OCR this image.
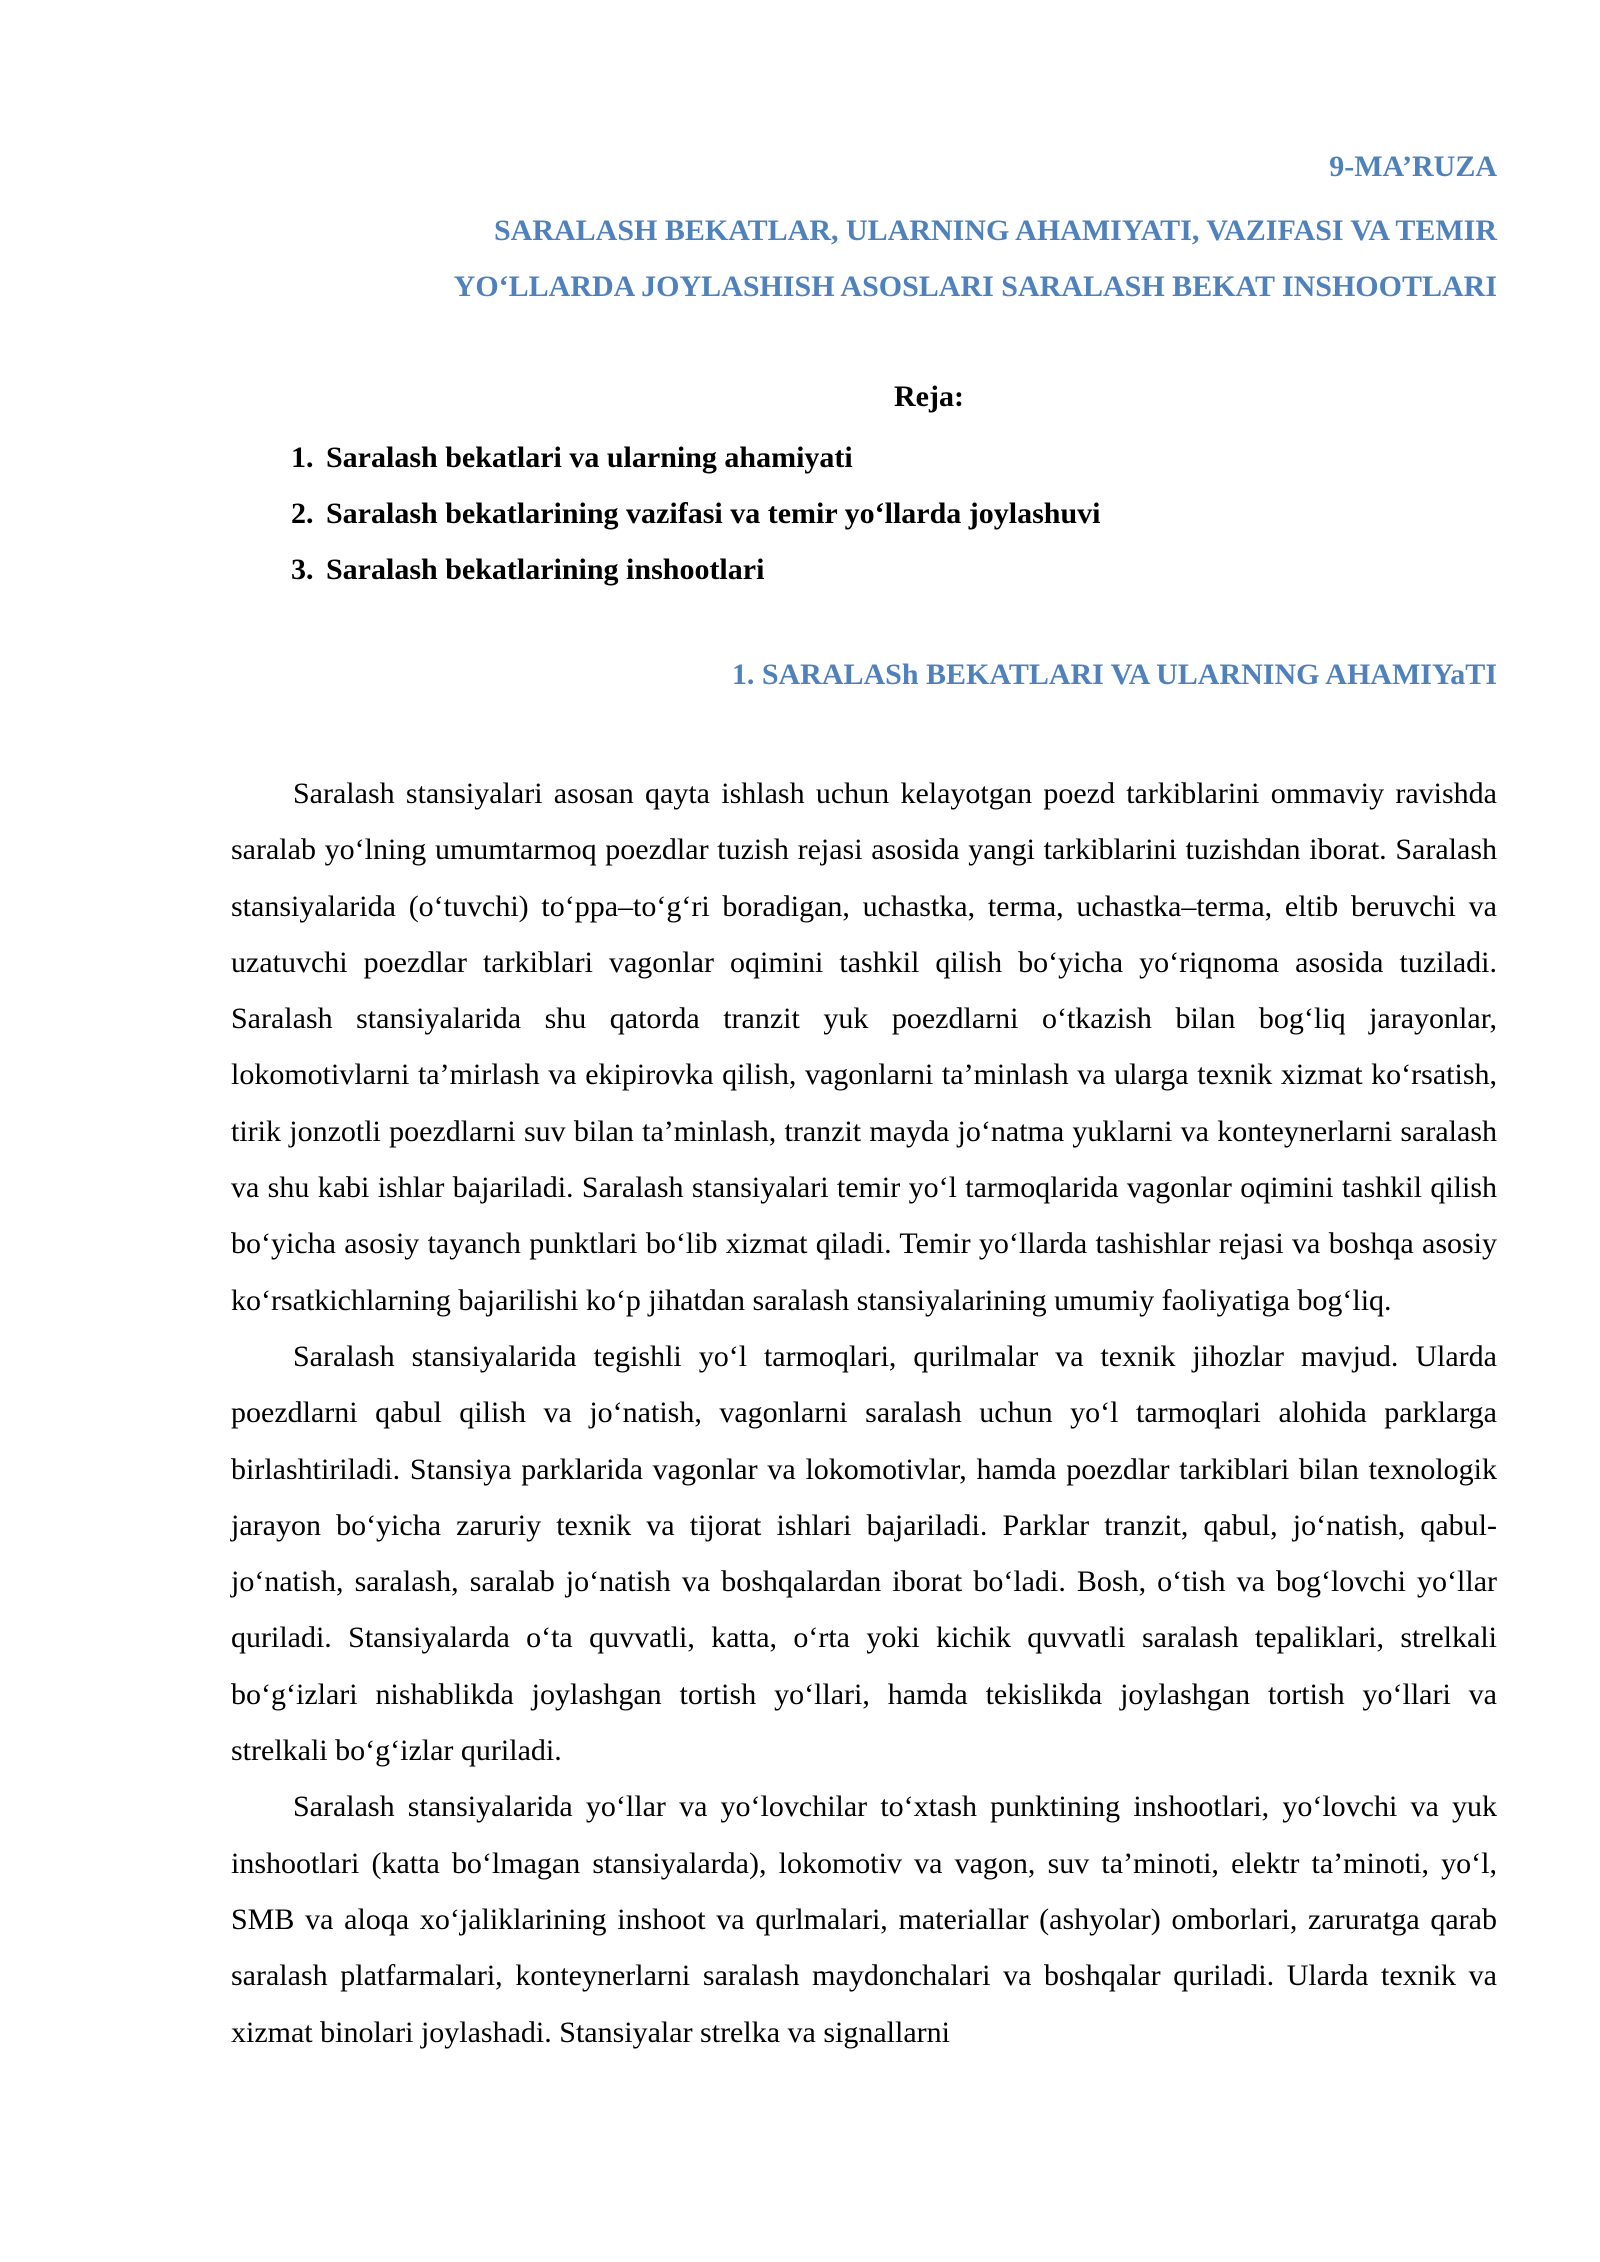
9-MA’RUZA
SARALASH BEKATLAR, ULARNING AHAMIYATI, VAZIFASI VA TEMIR
YO‘LLARDA JOYLASHISH ASOSLARI SARALASH BEKAT INSHOOTLARI
Reja:
1. Saralash bekatlari va ularning ahamiyati
2. Saralash bekatlarining vazifasi va temir yo‘llarda joylashuvi
3. Saralash bekatlarining inshootlari
1. SARALASh BEKATLARI VA ULARNING AHAMIYaTI

Saralash stansiyalari asosan qayta ishlash uchun kelayotgan poezd tarkiblarini ommaviy ravishda saralab yo‘lning umumtarmoq poezdlar tuzish rejasi asosida yangi tarkiblarini tuzishdan iborat. Saralash stansiyalarida (o‘tuvchi) to‘ppa–to‘g‘ri boradigan, uchastka, terma, uchastka–terma, eltib beruvchi va uzatuvchi poezdlar tarkiblari vagonlar oqimini tashkil qilish bo‘yicha yo‘riqnoma asosida tuziladi. Saralash stansiyalarida shu qatorda tranzit yuk poezdlarni o‘tkazish bilan bog‘liq jarayonlar, lokomotivlarni ta’mirlash va ekipirovka qilish, vagonlarni ta’minlash va ularga texnik xizmat ko‘rsatish, tirik jonzotli poezdlarni suv bilan ta’minlash, tranzit mayda jo‘natma yuklarni va konteynerlarni saralash va shu kabi ishlar bajariladi. Saralash stansiyalari temir yo‘l tarmoqlarida vagonlar oqimini tashkil qilish bo‘yicha asosiy tayanch punktlari bo‘lib xizmat qiladi. Temir yo‘llarda tashishlar rejasi va boshqa asosiy ko‘rsatkichlarning bajarilishi ko‘p jihatdan saralash stansiyalarining umumiy faoliyatiga bog‘liq.

Saralash stansiyalarida tegishli yo‘l tarmoqlari, qurilmalar va texnik jihozlar mavjud. Ularda poezdlarni qabul qilish va jo‘natish, vagonlarni saralash uchun yo‘l tarmoqlari alohida parklarga birlashtiriladi. Stansiya parklarida vagonlar va lokomotivlar, hamda poezdlar tarkiblari bilan texnologik jarayon bo‘yicha zaruriy texnik va tijorat ishlari bajariladi. Parklar tranzit, qabul, jo‘natish, qabul-jo‘natish, saralash, saralab jo‘natish va boshqalardan iborat bo‘ladi. Bosh, o‘tish va bog‘lovchi yo‘llar quriladi. Stansiyalarda o‘ta quvvatli, katta, o‘rta yoki kichik quvvatli saralash tepaliklari, strelkali bo‘g‘izlari nishablikda joylashgan tortish yo‘llari, hamda tekislikda joylashgan tortish yo‘llari va strelkali bo‘g‘izlar quriladi.

Saralash stansiyalarida yo‘llar va yo‘lovchilar to‘xtash punktining inshootlari, yo‘lovchi va yuk inshootlari (katta bo‘lmagan stansiyalarda), lokomotiv va vagon, suv ta’minoti, elektr ta’minoti, yo‘l, SMB va aloqa xo‘jaliklarining inshoot va qurlmalari, materiallar (ashyolar) omborlari, zaruratga qarab saralash platfarmalari, konteynerlarni saralash maydonchalari va boshqalar quriladi. Ularda texnik va xizmat binolari joylashadi. Stansiyalar strelka va signallarni
